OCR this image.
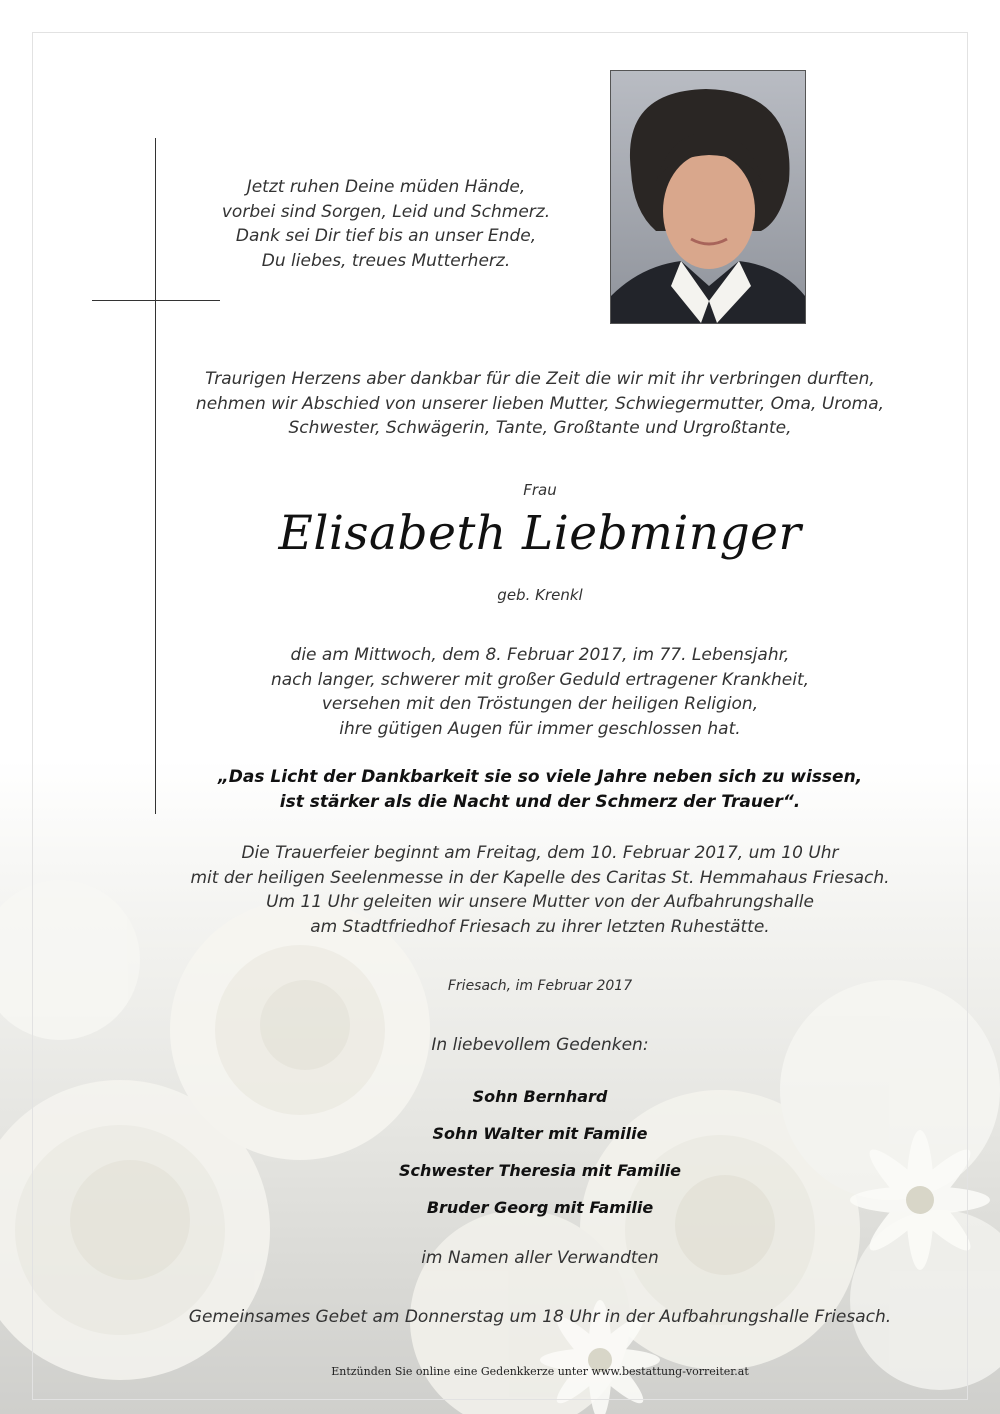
Jetzt ruhen Deine müden Hände,

vorbei sind Sorgen, Leid und Schmerz.

Dank sei Dir tief bis an unser Ende,

Du liebes, treues Mutterherz.

Traurigen Herzens aber dankbar für die Zeit die wir mit ihr verbringen durften,

nehmen wir Abschied von unserer lieben Mutter, Schwiegermutter, Oma, Uroma,

Schwester, Schwägerin, Tante, Großtante und Urgroßtante,

Frau
Elisabeth Liebminger
geb. Krenkl

die am Mittwoch, dem 8. Februar 2017, im 77. Lebensjahr,

nach langer, schwerer mit großer Geduld ertragener Krankheit,

versehen mit den Tröstungen der heiligen Religion,

ihre gütigen Augen für immer geschlossen hat.

„Das Licht der Dankbarkeit sie so viele Jahre neben sich zu wissen,

ist stärker als die Nacht und der Schmerz der Trauer“.

Die Trauerfeier beginnt am Freitag, dem 10. Februar 2017, um 10 Uhr

mit der heiligen Seelenmesse in der Kapelle des Caritas St. Hemmahaus Friesach.

Um 11 Uhr geleiten wir unsere Mutter von der Aufbahrungshalle

am Stadtfriedhof Friesach zu ihrer letzten Ruhestätte.

Friesach, im Februar 2017
In liebevollem Gedenken:
Sohn Bernhard
Sohn Walter mit Familie
Schwester Theresia mit Familie
Bruder Georg mit Familie
im Namen aller Verwandten
Gemeinsames Gebet am Donnerstag um 18 Uhr in der Aufbahrungshalle Friesach.
Entzünden Sie online eine Gedenkkerze unter www.bestattung-vorreiter.at
